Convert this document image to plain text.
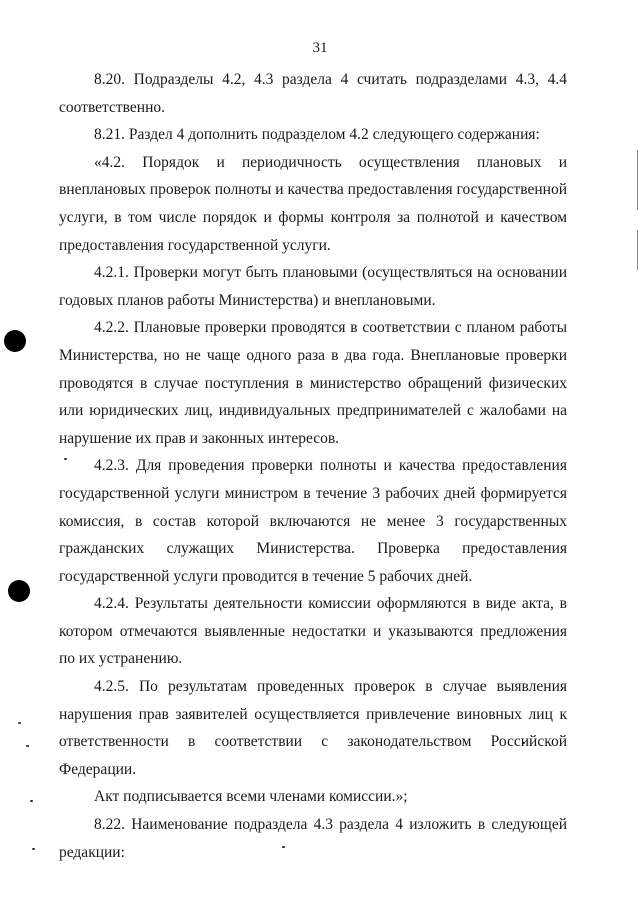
31

8.20. Подразделы 4.2, 4.3 раздела 4 считать подразделами 4.3, 4.4 соответственно.

8.21. Раздел 4 дополнить подразделом 4.2 следующего содержания:

«4.2. Порядок и периодичность осуществления плановых и внеплановых проверок полноты и качества предоставления государственной услуги, в том числе порядок и формы контроля за полнотой и качеством предоставления государственной услуги.

4.2.1. Проверки могут быть плановыми (осуществляться на основании годовых планов работы Министерства) и внеплановыми.

4.2.2. Плановые проверки проводятся в соответствии с планом работы Министерства, но не чаще одного раза в два года. Внеплановые проверки проводятся в случае поступления в министерство обращений физических или юридических лиц, индивидуальных предпринимателей с жалобами на нарушение их прав и законных интересов.

4.2.3. Для проведения проверки полноты и качества предоставления государственной услуги министром в течение 3 рабочих дней формируется комиссия, в состав которой включаются не менее 3 государственных гражданских служащих Министерства. Проверка предоставления государственной услуги проводится в течение 5 рабочих дней.

4.2.4. Результаты деятельности комиссии оформляются в виде акта, в котором отмечаются выявленные недостатки и указываются предложения по их устранению.

4.2.5. По результатам проведенных проверок в случае выявления нарушения прав заявителей осуществляется привлечение виновных лиц к ответственности в соответствии с законодательством Российской Федерации.

Акт подписывается всеми членами комиссии.»;

8.22. Наименование подраздела 4.3 раздела 4 изложить в следующей редакции:
